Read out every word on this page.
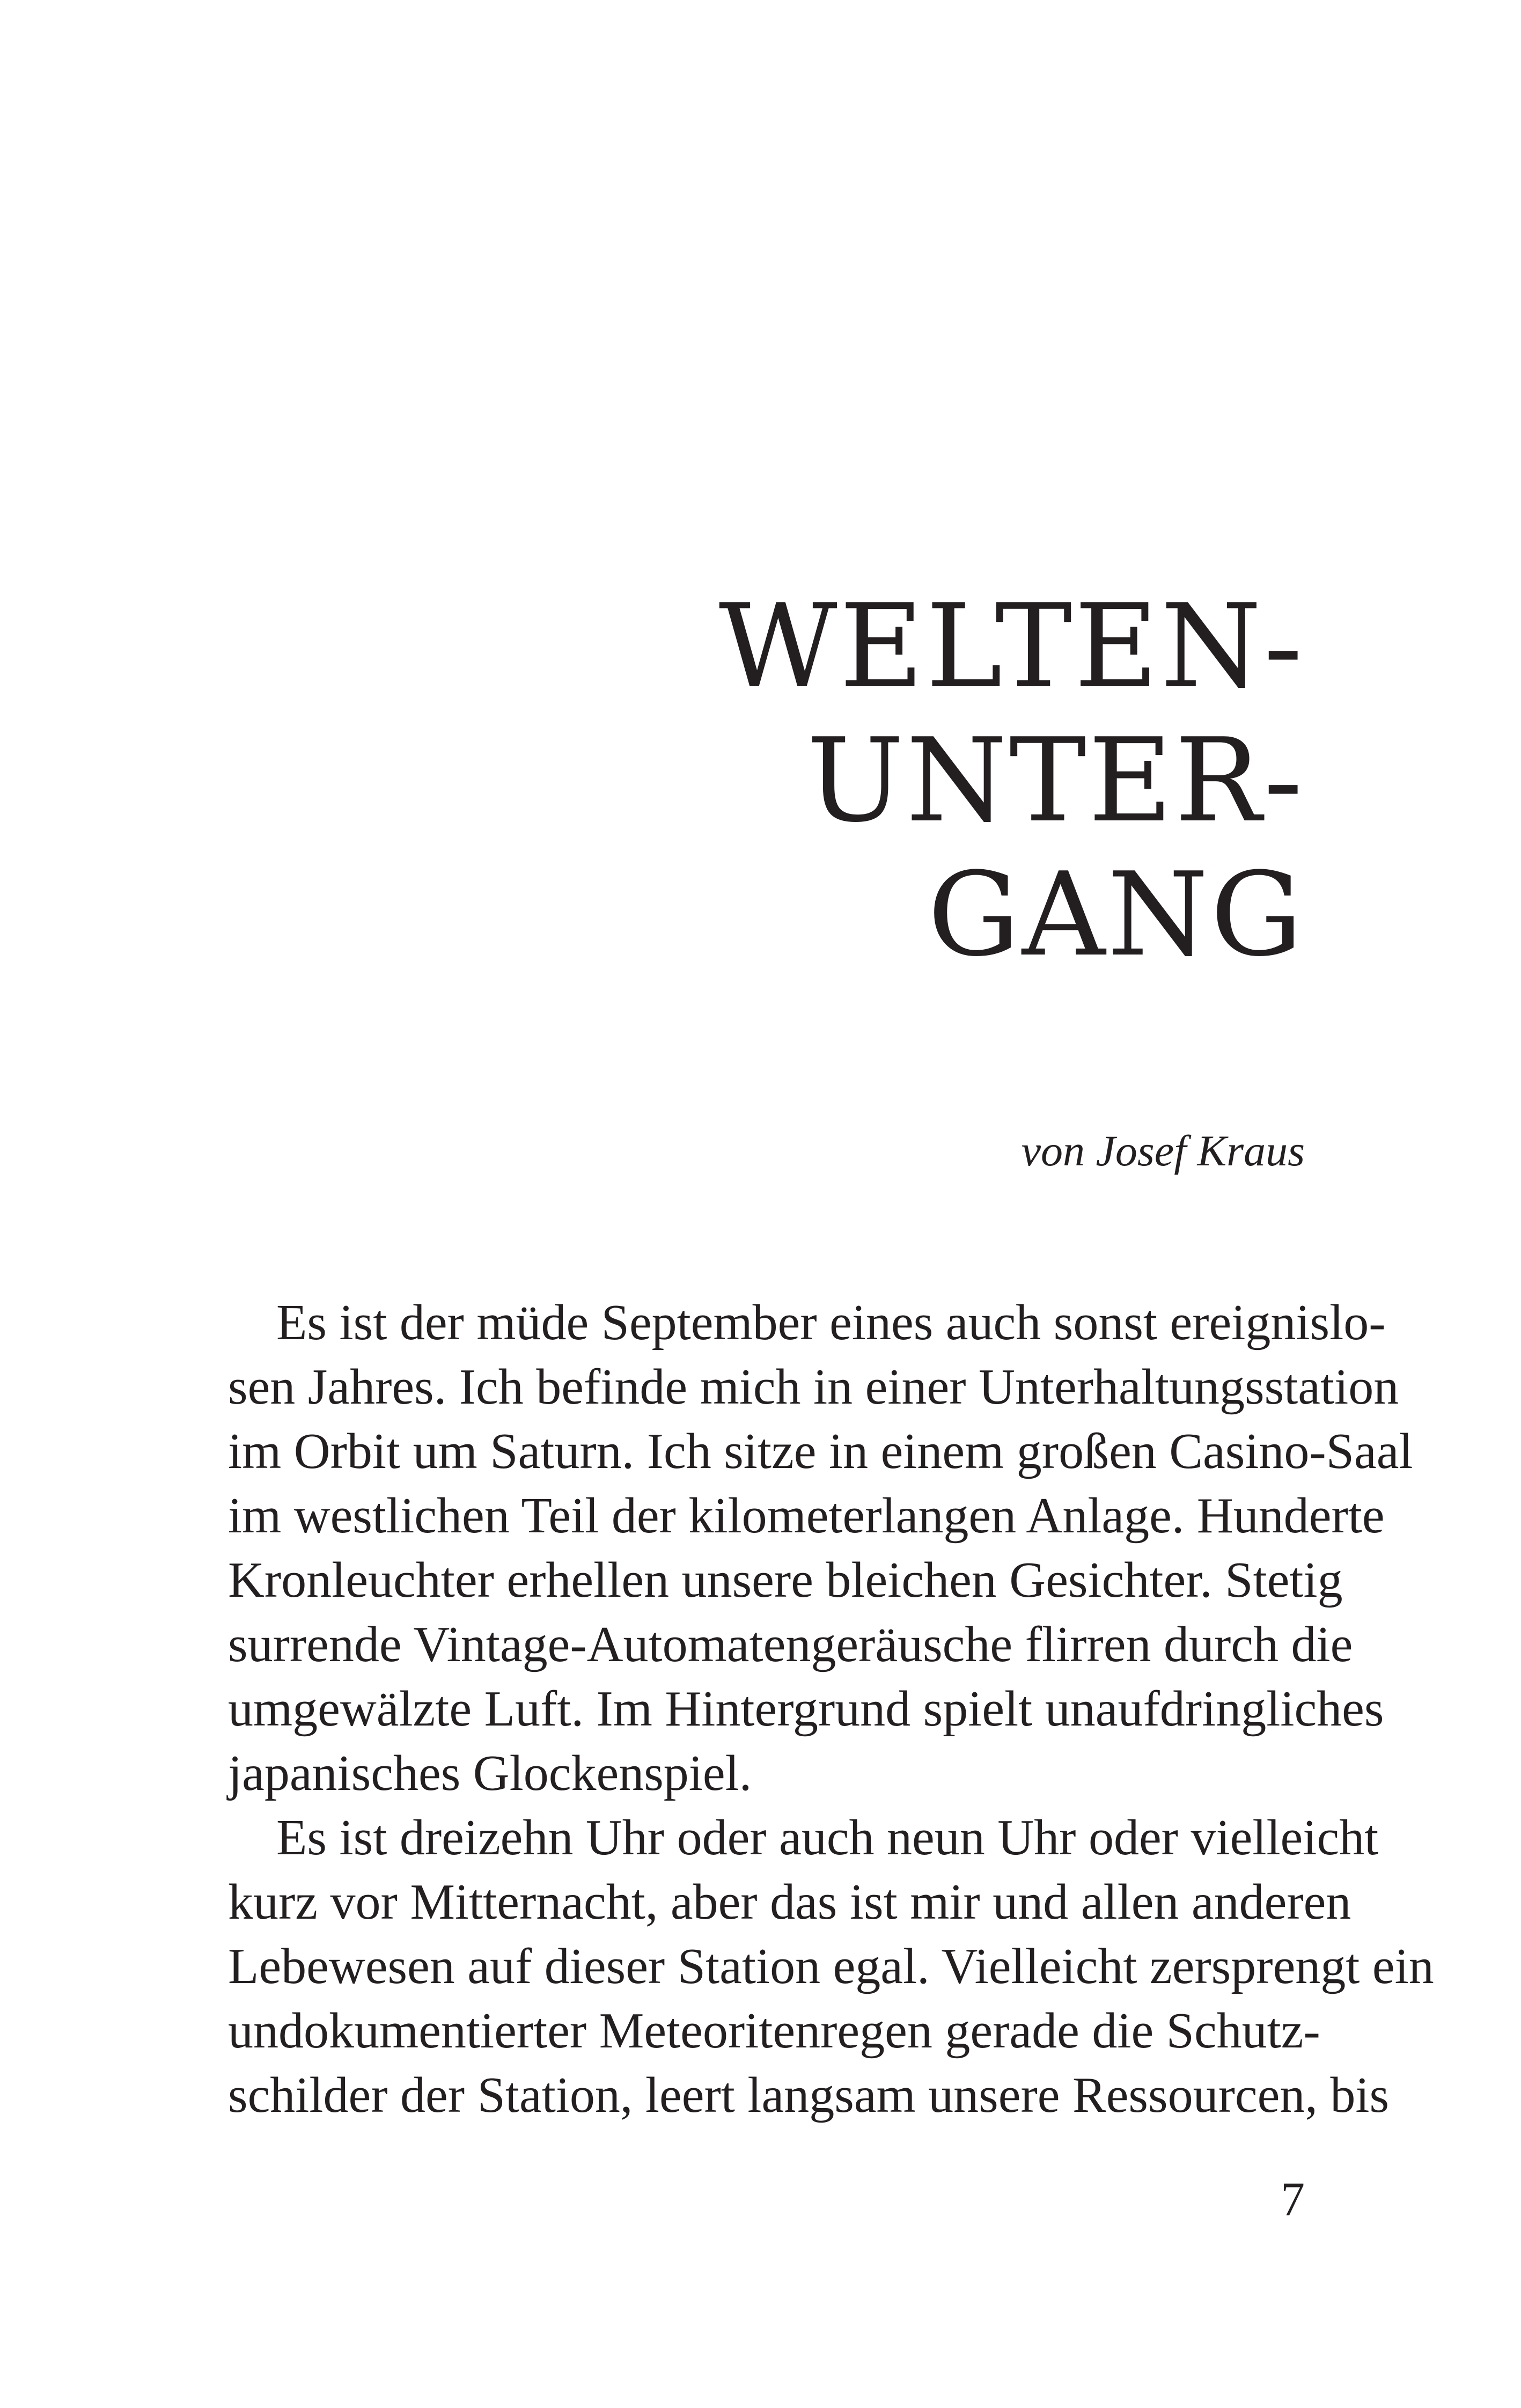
WELTEN-
UNTER-
GANG
von Josef Kraus
Es ist der müde September eines auch sonst ereignislo-
sen Jahres. Ich befinde mich in einer Unterhaltungsstation
im Orbit um Saturn. Ich sitze in einem großen Casino-Saal
im westlichen Teil der kilometerlangen Anlage. Hunderte
Kronleuchter erhellen unsere bleichen Gesichter. Stetig
surrende Vintage-Automatengeräusche flirren durch die
umgewälzte Luft. Im Hintergrund spielt unaufdringliches
japanisches Glockenspiel.
Es ist dreizehn Uhr oder auch neun Uhr oder vielleicht
kurz vor Mitternacht, aber das ist mir und allen anderen
Lebewesen auf dieser Station egal. Vielleicht zersprengt ein
undokumentierter Meteoritenregen gerade die Schutz-
schilder der Station, leert langsam unsere Ressourcen, bis
7
